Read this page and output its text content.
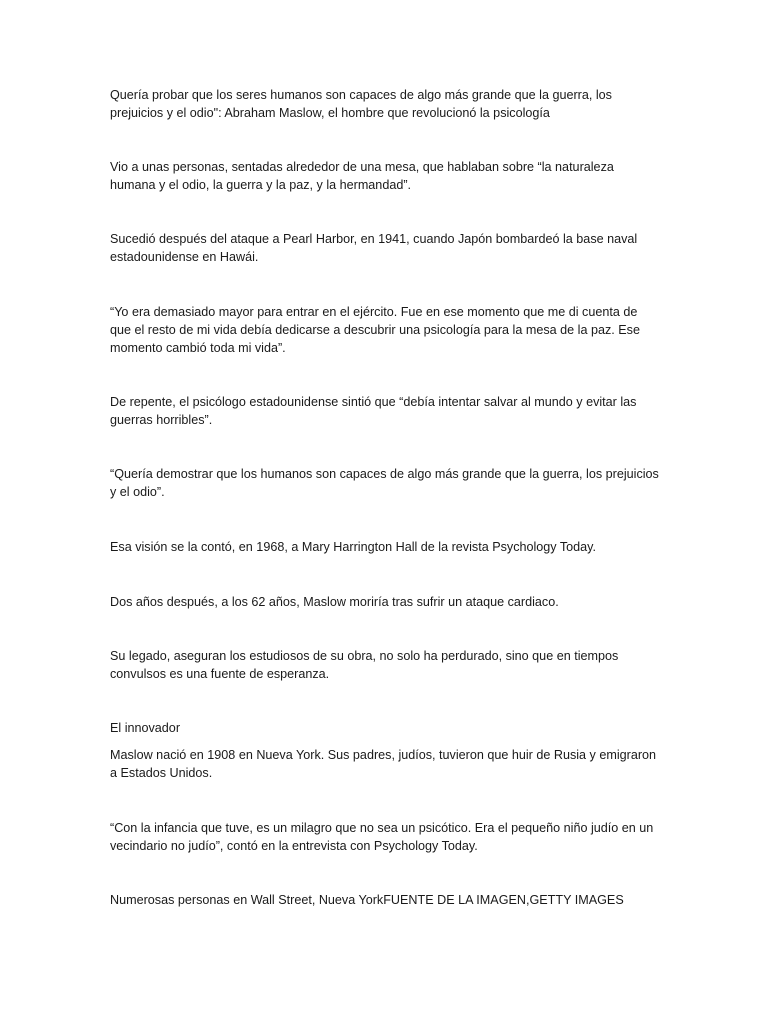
Quería probar que los seres humanos son capaces de algo más grande que la guerra, los prejuicios y el odio": Abraham Maslow, el hombre que revolucionó la psicología

Vio a unas personas, sentadas alrededor de una mesa, que hablaban sobre “la naturaleza humana y el odio, la guerra y la paz, y la hermandad”.

Sucedió después del ataque a Pearl Harbor, en 1941, cuando Japón bombardeó la base naval estadounidense en Hawái.

“Yo era demasiado mayor para entrar en el ejército. Fue en ese momento que me di cuenta de que el resto de mi vida debía dedicarse a descubrir una psicología para la mesa de la paz. Ese momento cambió toda mi vida”.

De repente, el psicólogo estadounidense sintió que “debía intentar salvar al mundo y evitar las guerras horribles”.

“Quería demostrar que los humanos son capaces de algo más grande que la guerra, los prejuicios y el odio”.

Esa visión se la contó, en 1968, a Mary Harrington Hall de la revista Psychology Today.

Dos años después, a los 62 años, Maslow moriría tras sufrir un ataque cardiaco.

Su legado, aseguran los estudiosos de su obra, no solo ha perdurado, sino que en tiempos convulsos es una fuente de esperanza.

El innovador

Maslow nació en 1908 en Nueva York. Sus padres, judíos, tuvieron que huir de Rusia y emigraron a Estados Unidos.

“Con la infancia que tuve, es un milagro que no sea un psicótico. Era el pequeño niño judío en un vecindario no judío”, contó en la entrevista con Psychology Today.

Numerosas personas en Wall Street, Nueva YorkFUENTE DE LA IMAGEN,GETTY IMAGES
